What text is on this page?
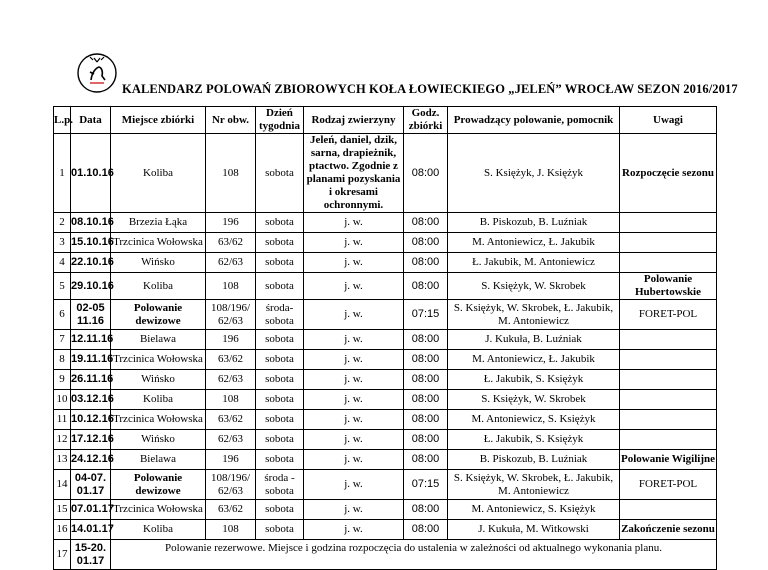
KALENDARZ POLOWAŃ ZBIOROWYCH KOŁA ŁOWIECKIEGO „JELEŃ” WROCŁAW SEZON 2016/2017
L.p.	Data	Miejsce zbiórki	Nr obw.	Dzień tygodnia	Rodzaj zwierzyny	Godz. zbiórki	Prowadzący polowanie, pomocnik	Uwagi
1	01.10.16	Koliba	108	sobota	Jeleń, daniel, dzik, sarna, drapieżnik, ptactwo. Zgodnie z planami pozyskania i okresami ochronnymi.	08:00	S. Księżyk, J. Księżyk	Rozpoczęcie sezonu
2	08.10.16	Brzezia Łąka	196	sobota	j. w.	08:00	B. Piskozub, B. Luźniak	
3	15.10.16	Trzcinica Wołowska	63/62	sobota	j. w.	08:00	M. Antoniewicz, Ł. Jakubik	
4	22.10.16	Wińsko	62/63	sobota	j. w.	08:00	Ł. Jakubik, M. Antoniewicz	
5	29.10.16	Koliba	108	sobota	j. w.	08:00	S. Księżyk, W. Skrobek	Polowanie Hubertowskie
6	02-05 11.16	Polowanie dewizowe	108/196/ 62/63	środa- sobota	j. w.	07:15	S. Księżyk, W. Skrobek, Ł. Jakubik, M. Antoniewicz	FORET-POL
7	12.11.16	Bielawa	196	sobota	j. w.	08:00	J. Kukuła, B. Luźniak	
8	19.11.16	Trzcinica Wołowska	63/62	sobota	j. w.	08:00	M. Antoniewicz, Ł. Jakubik	
9	26.11.16	Wińsko	62/63	sobota	j. w.	08:00	Ł. Jakubik, S. Księżyk	
10	03.12.16	Koliba	108	sobota	j. w.	08:00	S. Księżyk, W. Skrobek	
11	10.12.16	Trzcinica Wołowska	63/62	sobota	j. w.	08:00	M. Antoniewicz, S. Księżyk	
12	17.12.16	Wińsko	62/63	sobota	j. w.	08:00	Ł. Jakubik, S. Księżyk	
13	24.12.16	Bielawa	196	sobota	j. w.	08:00	B. Piskozub, B. Luźniak	Polowanie Wigilijne
14	04-07. 01.17	Polowanie dewizowe	108/196/ 62/63	środa - sobota	j. w.	07:15	S. Księżyk, W. Skrobek, Ł. Jakubik, M. Antoniewicz	FORET-POL
15	07.01.17	Trzcinica Wołowska	63/62	sobota	j. w.	08:00	M. Antoniewicz, S. Księżyk	
16	14.01.17	Koliba	108	sobota	j. w.	08:00	J. Kukuła, M. Witkowski	Zakończenie sezonu
17	15-20. 01.17	Polowanie rezerwowe. Miejsce i godzina rozpoczęcia do ustalenia w zależności od aktualnego wykonania planu.						
